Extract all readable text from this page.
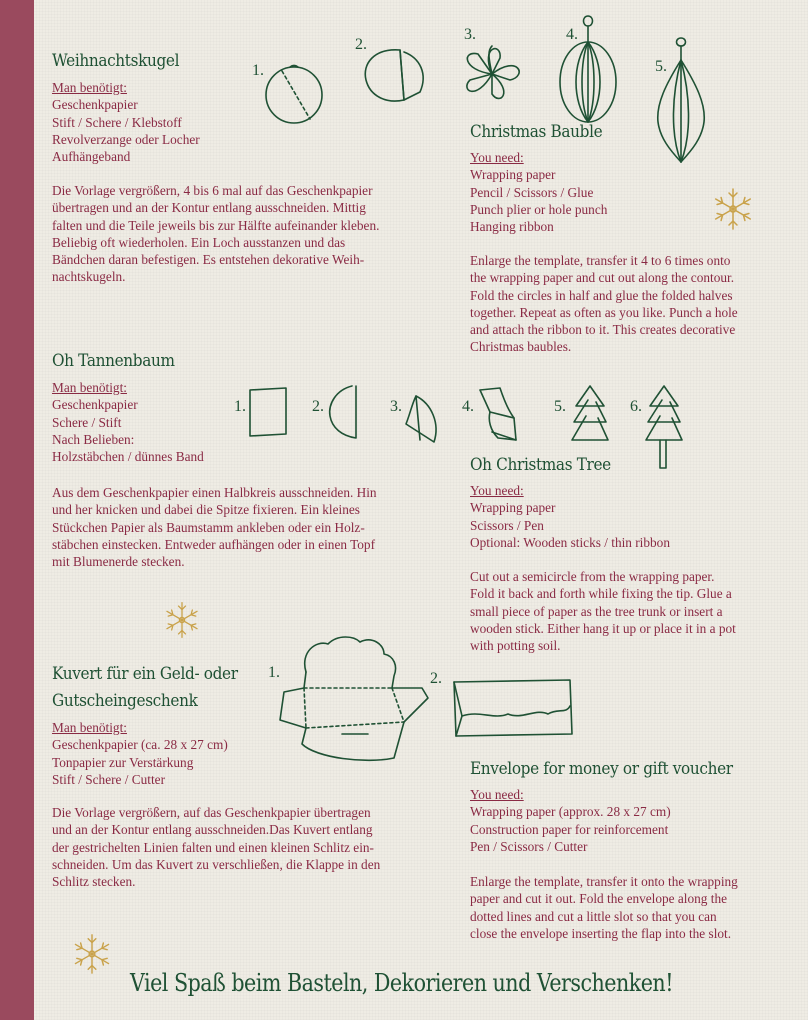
Weihnachtskugel
Man benötigt:
Geschenkpapier
Stift / Schere / Klebstoff
Revolverzange oder Locher
Aufhängeband
Die Vorlage vergrößern, 4 bis 6 mal auf das Geschenkpapier
übertragen und an der Kontur entlang ausschneiden. Mittig
falten und die Teile jeweils bis zur Hälfte aufeinander kleben.
Beliebig oft wiederholen. Ein Loch ausstanzen und das
Bändchen daran befestigen. Es entstehen dekorative Weih-
nachtskugeln.
1.
2.
3.	4.
5.
Christmas Bauble
You need:
Wrapping paper
Pencil / Scissors / Glue
Punch plier or hole punch
Hanging ribbon
Enlarge the template, transfer it 4 to 6 times onto
the wrapping paper and cut out along the contour.
Fold the circles in half and glue the folded halves
together. Repeat as often as you like. Punch a hole
and attach the ribbon to it. This creates decorative
Christmas baubles.
Oh Tannenbaum
Man benötigt:
Geschenkpapier
Schere / Stift
Nach Belieben:
Holzstäbchen / dünnes Band
Aus dem Geschenkpapier einen Halbkreis ausschneiden. Hin
und her knicken und dabei die Spitze fixieren. Ein kleines
Stückchen Papier als Baumstamm ankleben oder ein Holz-
stäbchen einstecken. Entweder aufhängen oder in einen Topf
mit Blumenerde stecken.
1.	2.	3.	4.	5.	6.
Oh Christmas Tree
You need:
Wrapping paper
Scissors / Pen
Optional: Wooden sticks / thin ribbon
Cut out a semicircle from the wrapping paper.
Fold it back and forth while fixing the tip. Glue a
small piece of paper as the tree trunk or insert a
wooden stick. Either hang it up or place it in a pot
with potting soil.
Kuvert für ein Geld- oder
Gutscheingeschenk
Man benötigt:
Geschenkpapier (ca. 28 x 27 cm)
Tonpapier zur Verstärkung
Stift / Schere / Cutter
Die Vorlage vergrößern, auf das Geschenkpapier übertragen
und an der Kontur entlang ausschneiden.Das Kuvert entlang
der gestrichelten Linien falten und einen kleinen Schlitz ein-
schneiden. Um das Kuvert zu verschließen, die Klappe in den
Schlitz stecken.
1.	2.
Envelope for money or gift voucher
You need:
Wrapping paper (approx. 28 x 27 cm)
Construction paper for reinforcement
Pen / Scissors / Cutter
Enlarge the template, transfer it onto the wrapping
paper and cut it out. Fold the envelope along the
dotted lines and cut a little slot so that you can
close the envelope inserting the flap into the slot.
Viel Spaß beim Basteln, Dekorieren und Verschenken!
